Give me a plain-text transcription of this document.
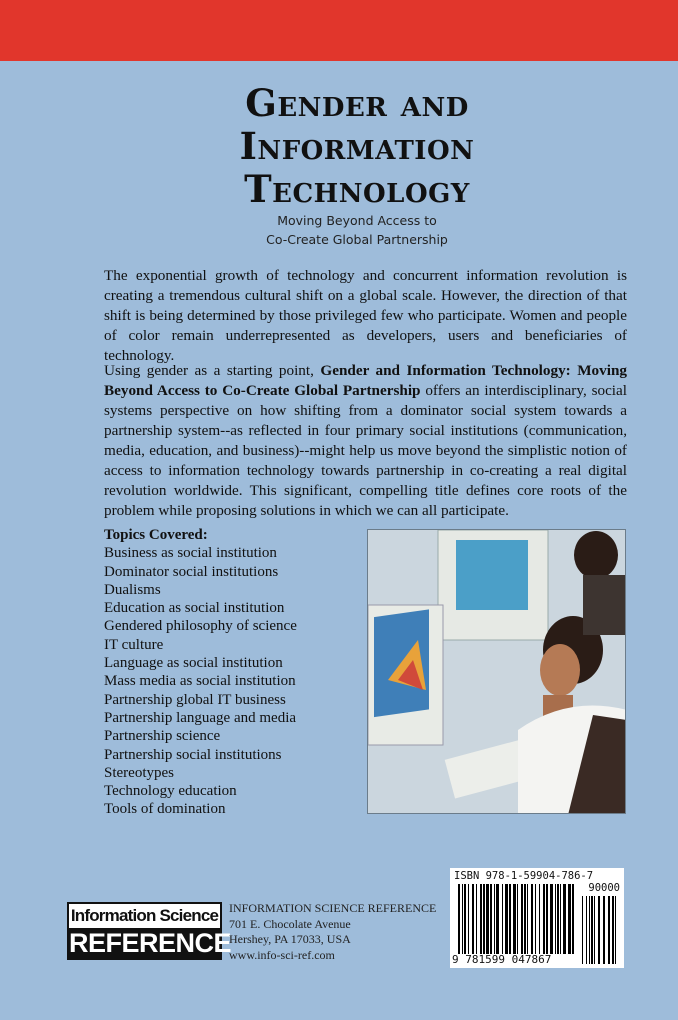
Gender and
Information
Technology
Moving Beyond Access to
Co-Create Global Partnership

The exponential growth of technology and concurrent information revolution is creating a tremendous cultural shift on a global scale. However, the direction of that shift is being determined by those privileged few who participate. Women and people of color remain underrepresented as developers, users and beneficiaries of technology.

Using gender as a starting point, Gender and Information Technology: Moving Beyond Access to Co-Create Global Partnership offers an interdisciplinary, social systems perspective on how shifting from a dominator social system towards a partnership system--as reflected in four primary social institutions (communication, media, education, and business)--might help us move beyond the simplistic notion of access to information technology towards partnership in co-creating a real digital revolution worldwide. This significant, compelling title defines core roots of the problem while proposing solutions in which we can all participate.

Topics Covered:
Business as social institution
Dominator social institutions
Dualisms
Education as social institution
Gendered philosophy of science
IT culture
Language as social institution
Mass media as social institution
Partnership global IT business
Partnership language and media
Partnership science
Partnership social institutions
Stereotypes
Technology education
Tools of domination
Information Science
REFERENCE
INFORMATION SCIENCE REFERENCE
701 E. Chocolate Avenue
Hershey, PA 17033, USA
www.info-sci-ref.com
ISBN 978-1-59904-786-7
90000
9 781599 047867
